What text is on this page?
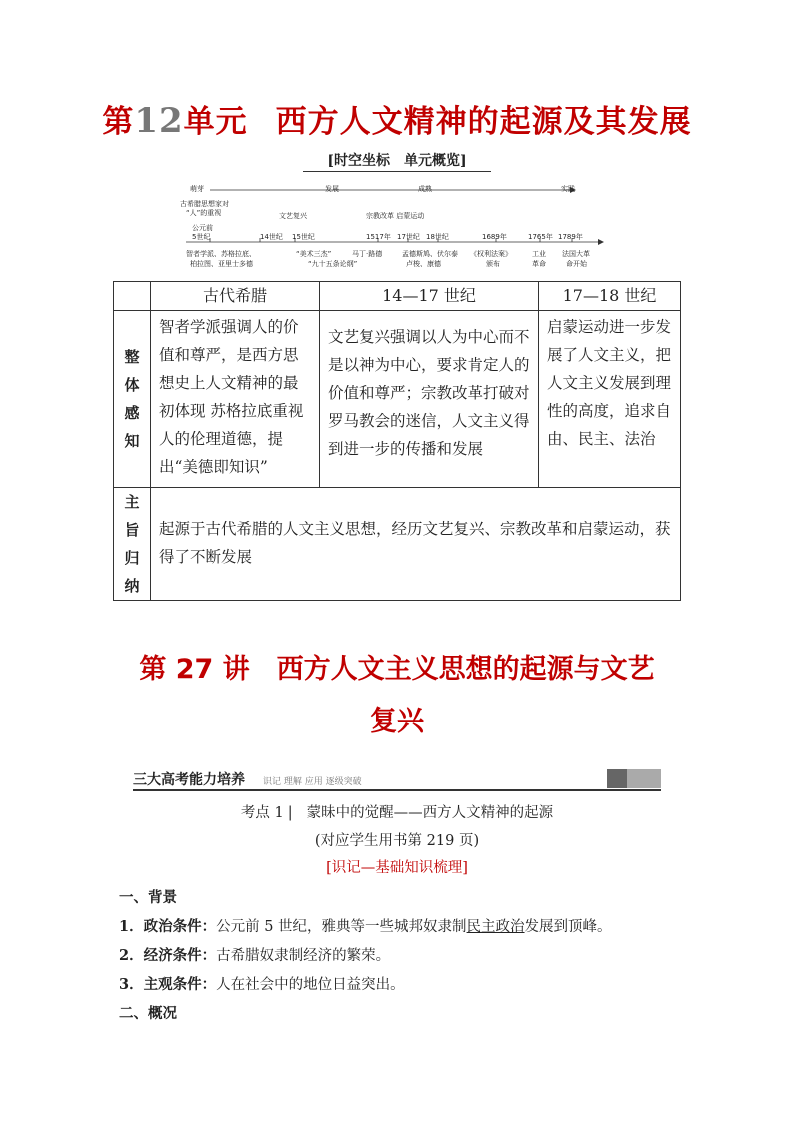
第12单元 西方人文精神的起源及其发展
[时空坐标　单元概览]
萌芽	发展	成熟	实践
古希腊思想家对
“人”的重视	文艺复兴	宗教改革 启蒙运动
公元前
5世纪	14世纪 15世纪	1517年 17世纪 18世纪	1689年	1765年 1789年
智者学派、苏格拉底、
柏拉图、亚里士多德
“美术三杰”	马丁·路德
“九十五条论纲”
孟德斯鸠、伏尔泰
卢梭、康德
《权利法案》
颁布
工业
革命
法国大革
命开始
	古代希腊	14—17 世纪	17—18 世纪
整体感知	智者学派强调人的价值和尊严，是西方思想史上人文精神的最初体现 苏格拉底重视人的伦理道德，提出“美德即知识”	文艺复兴强调以人为中心而不是以神为中心，要求肯定人的价值和尊严；宗教改革打破对罗马教会的迷信，人文主义得到进一步的传播和发展	启蒙运动进一步发展了人文主义，把人文主义发展到理性的高度，追求自由、民主、法治
主旨归纳	起源于古代希腊的人文主义思想，经历文艺复兴、宗教改革和启蒙运动，获得了不断发展		
第 27 讲　西方人文主义思想的起源与文艺
复兴
三大高考能力培养 识记 理解 应用 逐级突破
考点 1 | 蒙昧中的觉醒——西方人文精神的起源
(对应学生用书第 219 页)
[识记—基础知识梳理]
一、背景
1．政治条件：公元前 5 世纪，雅典等一些城邦奴隶制民主政治发展到顶峰。
2．经济条件：古希腊奴隶制经济的繁荣。
3．主观条件：人在社会中的地位日益突出。
二、概况
